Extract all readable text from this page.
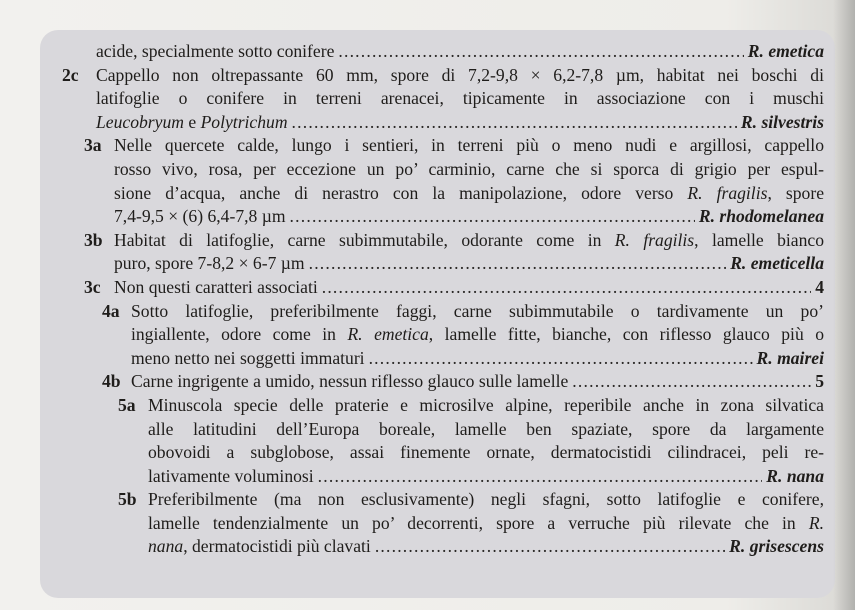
acide, specialmente sotto conifere .....	R. emetica
2c Cappello non oltrepassante 60 mm, spore di 7,2-9,8 × 6,2-7,8 µm, habitat nei boschi di
latifoglie o conifere in terreni arenacei, tipicamente in associazione con i muschi
Leucobryum e Polytrichum .....	R. silvestris
3a Nelle quercete calde, lungo i sentieri, in terreni più o meno nudi e argillosi, cappello
rosso vivo, rosa, per eccezione un po’ carminio, carne che si sporca di grigio per espul-
sione d’acqua, anche di nerastro con la manipolazione, odore verso R. fragilis, spore
7,4-9,5 × (6) 6,4-7,8 µm .....	R. rhodomelanea
3b Habitat di latifoglie, carne subimmutabile, odorante come in R. fragilis, lamelle bianco
puro, spore 7-8,2 × 6-7 µm .....	R. emeticella
3c Non questi caratteri associati .....	4
4a Sotto latifoglie, preferibilmente faggi, carne subimmutabile o tardivamente un po’
ingiallente, odore come in R. emetica, lamelle fitte, bianche, con riflesso glauco più o
meno netto nei soggetti immaturi .....	R. mairei
4b Carne ingrigente a umido, nessun riflesso glauco sulle lamelle .....	5
5a Minuscola specie delle praterie e microsilve alpine, reperibile anche in zona silvatica
alle latitudini dell’Europa boreale, lamelle ben spaziate, spore da largamente
obovoidi a subglobose, assai finemente ornate, dermatocistidi cilindracei, peli re-
lativamente voluminosi .....	R. nana
5b Preferibilmente (ma non esclusivamente) negli sfagni, sotto latifoglie e conifere,
lamelle tendenzialmente un po’ decorrenti, spore a verruche più rilevate che in R.
nana, dermatocistidi più clavati .....	R. grisescens
